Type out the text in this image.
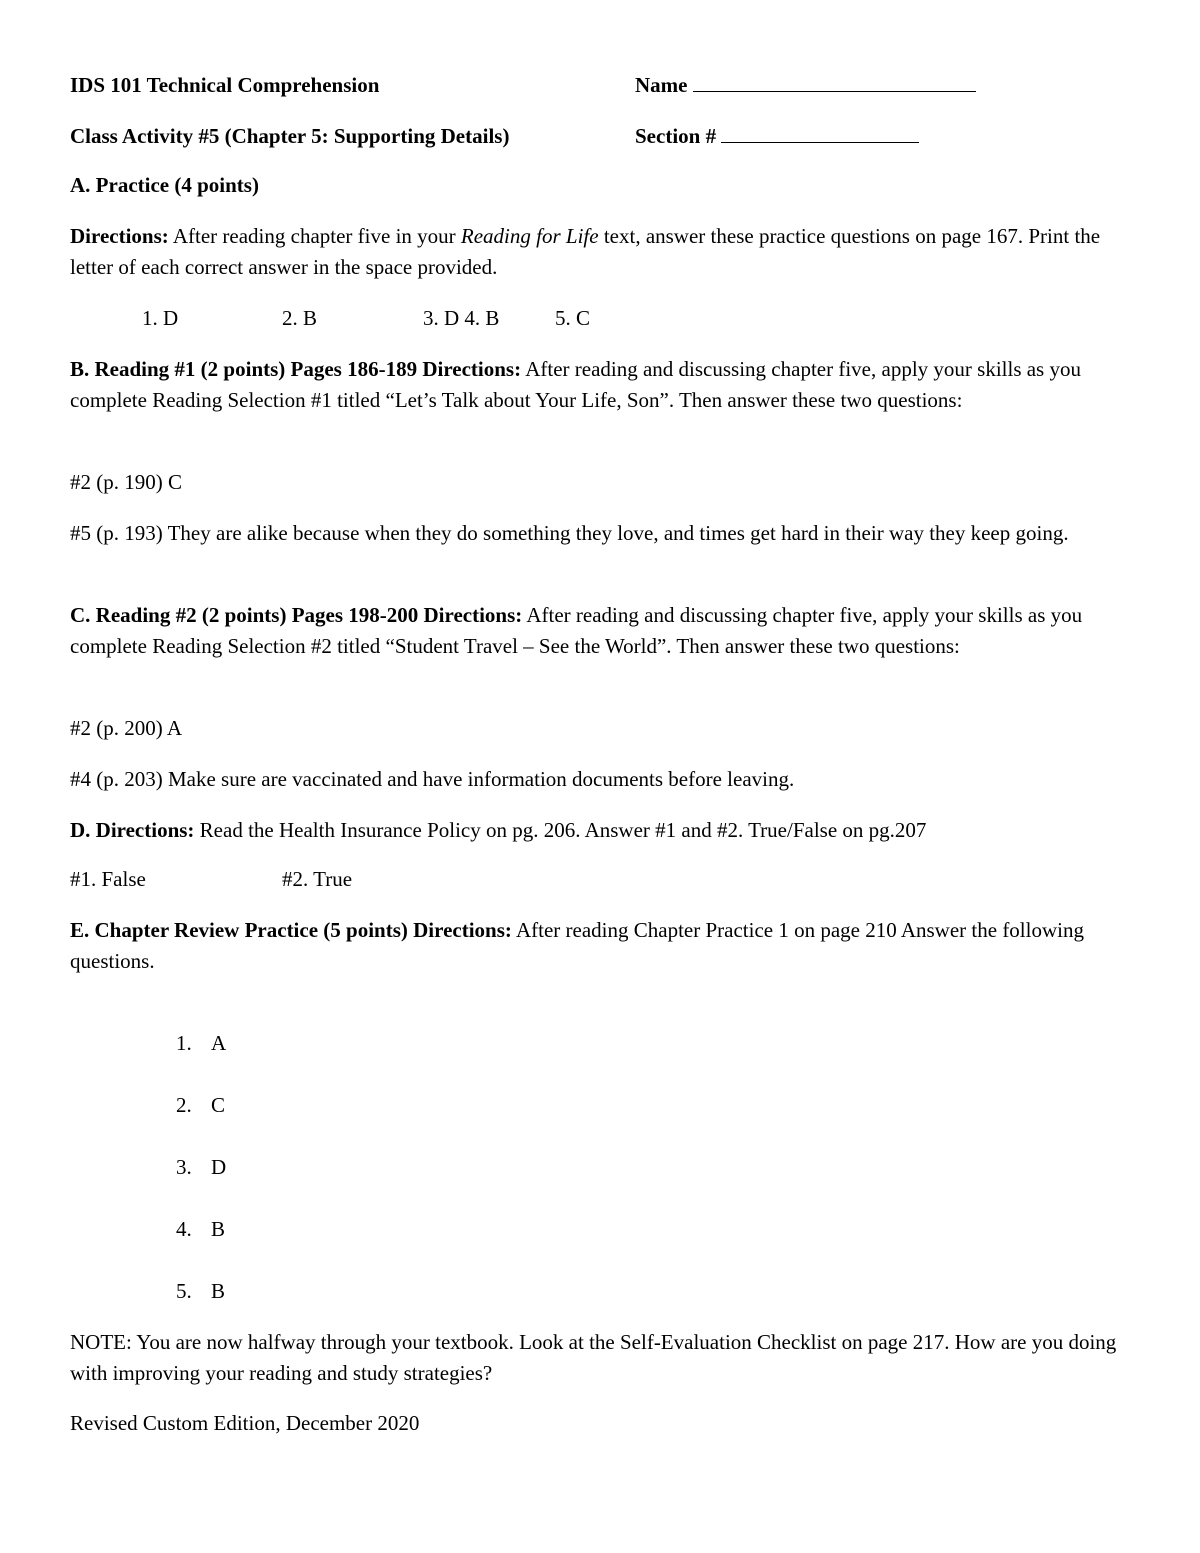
IDS 101 Technical Comprehension	Name
Class Activity #5 (Chapter 5: Supporting Details)	Section #
A. Practice (4 points)

Directions: After reading chapter five in your Reading for Life text, answer these practice questions on page 167. Print the letter of each correct answer in the space provided.

1. D	2. B	3. D 4. B	5. C

B. Reading #1 (2 points) Pages 186-189 Directions: After reading and discussing chapter five, apply your skills as you complete Reading Selection #1 titled “Let’s Talk about Your Life, Son”. Then answer these two questions:

#2 (p. 190) C

#5 (p. 193) They are alike because when they do something they love, and times get hard in their way they keep going.

C. Reading #2 (2 points) Pages 198-200 Directions: After reading and discussing chapter five, apply your skills as you complete Reading Selection #2 titled “Student Travel – See the World”. Then answer these two questions:

#2 (p. 200) A
#4 (p. 203) Make sure are vaccinated and have information documents before leaving.

D. Directions: Read the Health Insurance Policy on pg. 206. Answer #1 and #2. True/False on pg.207

#1. False	#2. True

E. Chapter Review Practice (5 points) Directions: After reading Chapter Practice 1 on page 210 Answer the following questions.

1. A
2. C
3. D
4. B
5. B

NOTE: You are now halfway through your textbook. Look at the Self-Evaluation Checklist on page 217. How are you doing with improving your reading and study strategies?

Revised Custom Edition, December 2020
